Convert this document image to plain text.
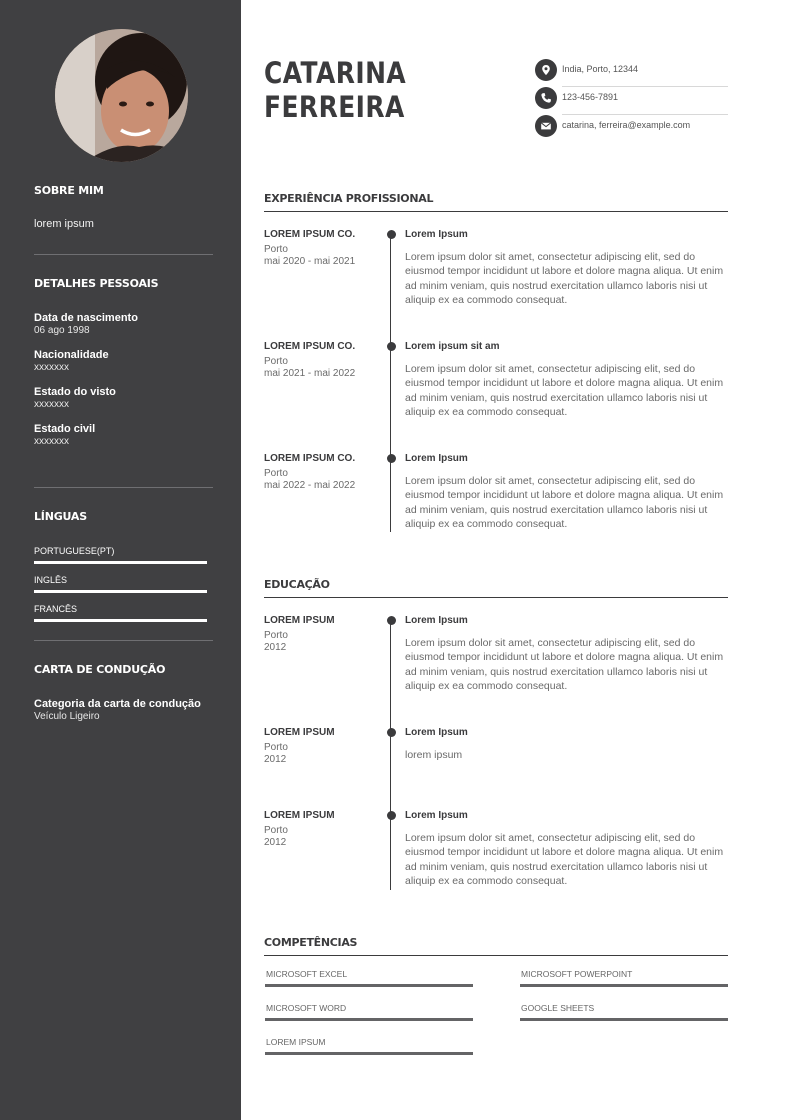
SOBRE MIM
lorem ipsum
DETALHES PESSOAIS
Data de nascimento
06 ago 1998
Nacionalidade
xxxxxxx
Estado do visto
xxxxxxx
Estado civil
xxxxxxx
LÍNGUAS
PORTUGUESE(PT)
INGLÊS
FRANCÊS
CARTA DE CONDUÇÃO
Categoria da carta de condução
Veículo Ligeiro
CATARINA
FERREIRA
India, Porto, 12344
123-456-7891
catarina, ferreira@example.com
EXPERIÊNCIA PROFISSIONAL
LOREM IPSUM CO.
Porto
mai 2020 - mai 2021
Lorem Ipsum
Lorem ipsum dolor sit amet, consectetur adipiscing elit, sed do eiusmod tempor incididunt ut labore et dolore magna aliqua. Ut enim ad minim veniam, quis nostrud exercitation ullamco laboris nisi ut aliquip ex ea commodo consequat.
LOREM IPSUM CO.
Porto
mai 2021 - mai 2022
Lorem ipsum sit am
Lorem ipsum dolor sit amet, consectetur adipiscing elit, sed do eiusmod tempor incididunt ut labore et dolore magna aliqua. Ut enim ad minim veniam, quis nostrud exercitation ullamco laboris nisi ut aliquip ex ea commodo consequat.
LOREM IPSUM CO.
Porto
mai 2022 - mai 2022
Lorem Ipsum
Lorem ipsum dolor sit amet, consectetur adipiscing elit, sed do eiusmod tempor incididunt ut labore et dolore magna aliqua. Ut enim ad minim veniam, quis nostrud exercitation ullamco laboris nisi ut aliquip ex ea commodo consequat.
EDUCAÇÃO
LOREM IPSUM
Porto
2012
Lorem Ipsum
Lorem ipsum dolor sit amet, consectetur adipiscing elit, sed do eiusmod tempor incididunt ut labore et dolore magna aliqua. Ut enim ad minim veniam, quis nostrud exercitation ullamco laboris nisi ut aliquip ex ea commodo consequat.
LOREM IPSUM
Porto
2012
Lorem Ipsum
lorem ipsum
LOREM IPSUM
Porto
2012
Lorem Ipsum
Lorem ipsum dolor sit amet, consectetur adipiscing elit, sed do eiusmod tempor incididunt ut labore et dolore magna aliqua. Ut enim ad minim veniam, quis nostrud exercitation ullamco laboris nisi ut aliquip ex ea commodo consequat.
COMPETÊNCIAS
MICROSOFT EXCEL	MICROSOFT POWERPOINT
MICROSOFT WORD	GOOGLE SHEETS
LOREM IPSUM
